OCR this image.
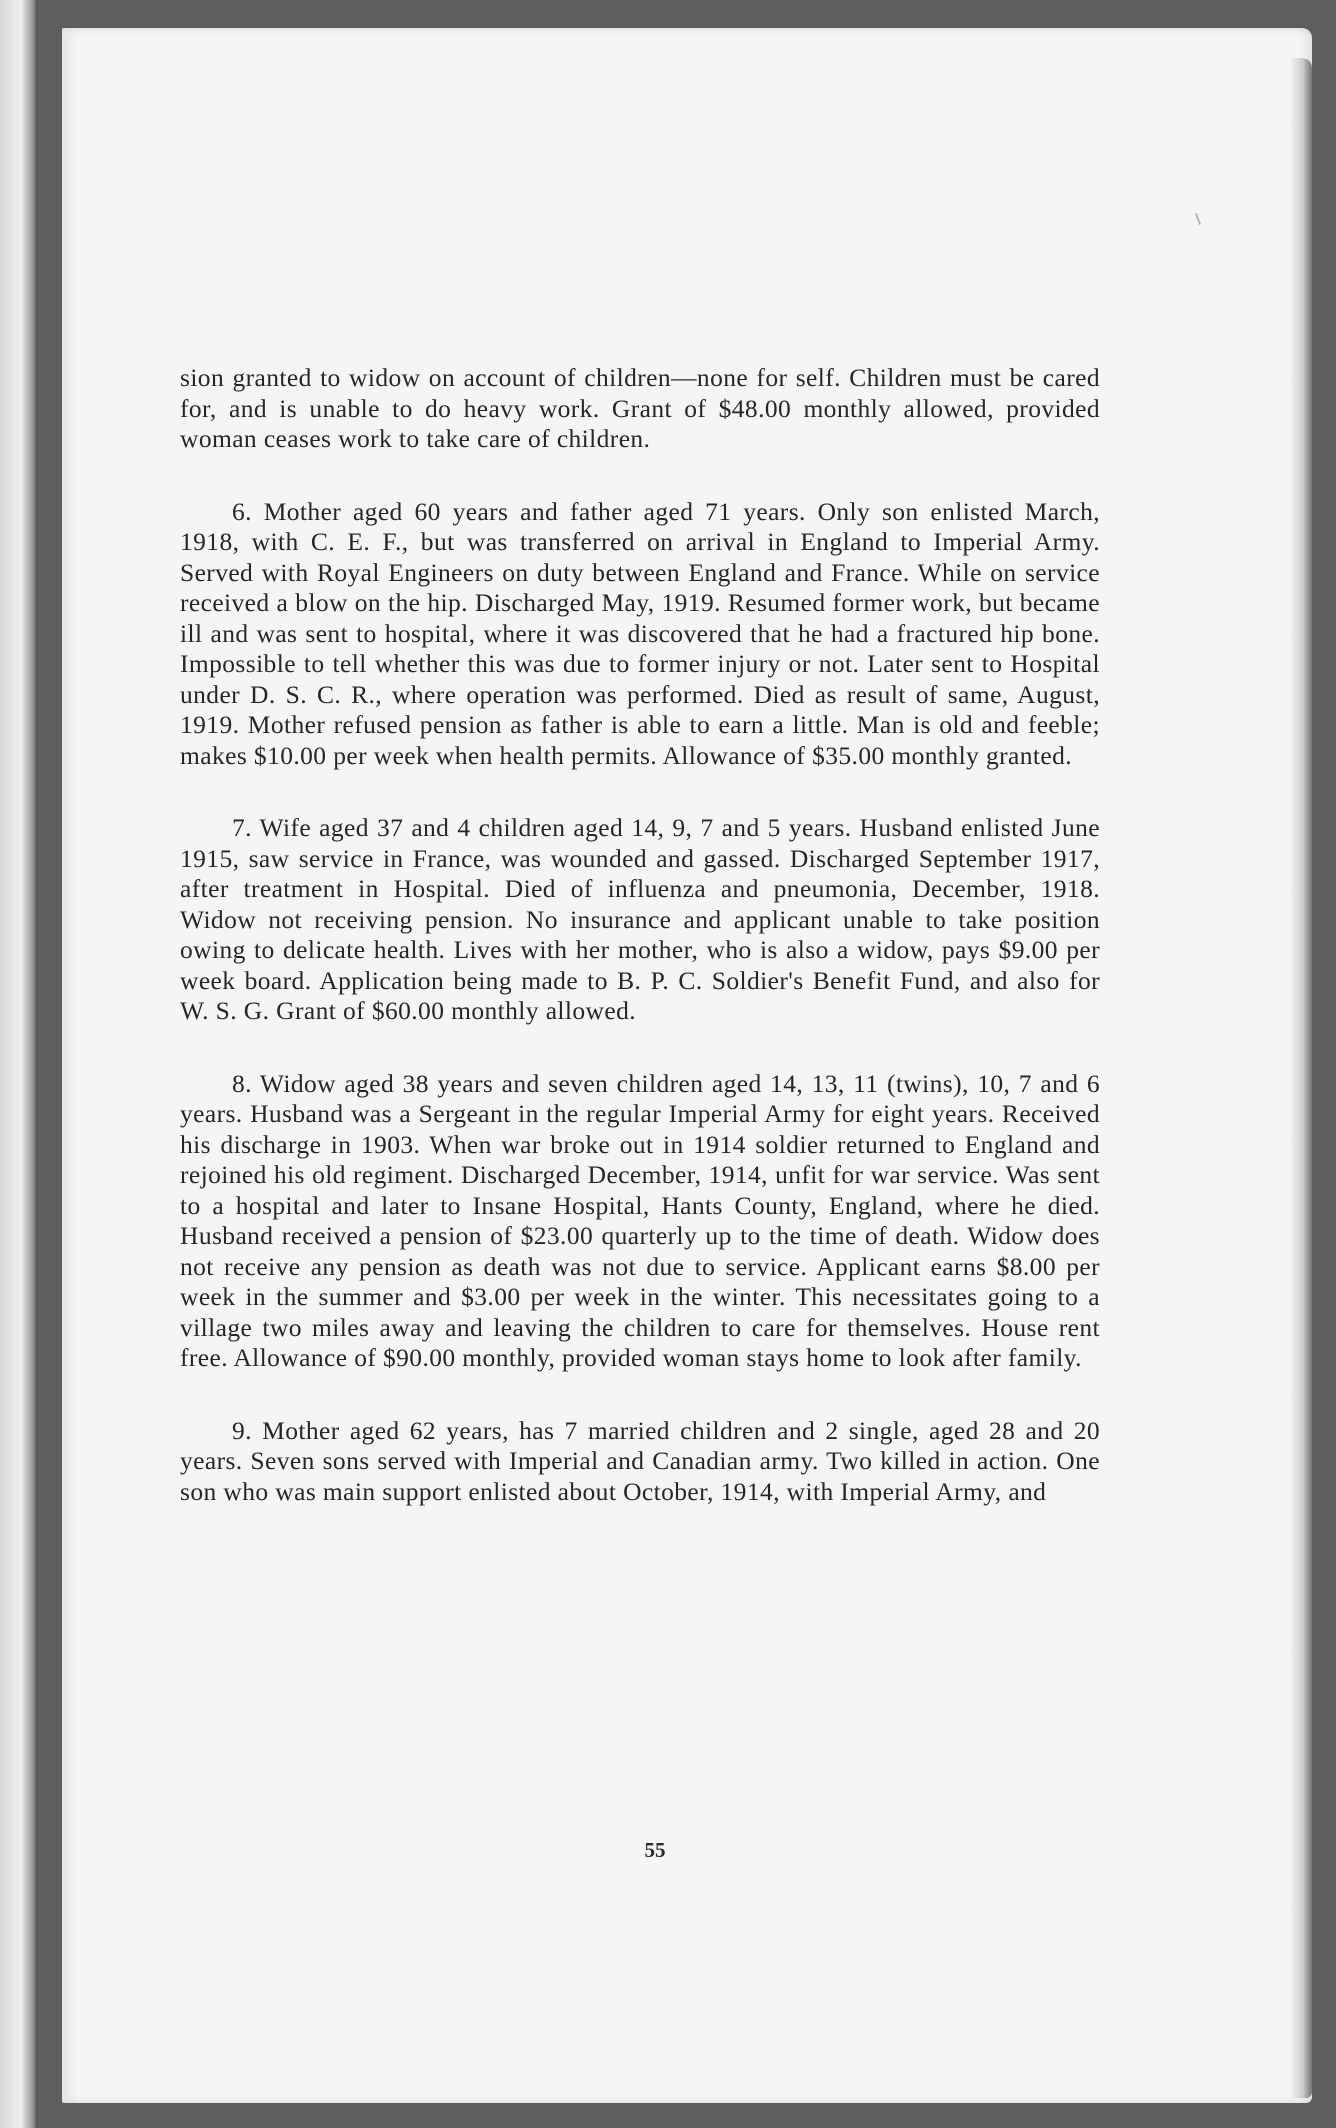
sion granted to widow on account of children—none for self. Children must be cared for, and is unable to do heavy work. Grant of $48.00 monthly allowed, provided woman ceases work to take care of children.

6. Mother aged 60 years and father aged 71 years. Only son enlisted March, 1918, with C. E. F., but was transferred on arrival in England to Imperial Army. Served with Royal Engineers on duty between England and France. While on service received a blow on the hip. Discharged May, 1919. Resumed former work, but became ill and was sent to hospital, where it was discovered that he had a fractured hip bone. Impossible to tell whether this was due to former injury or not. Later sent to Hospital under D. S. C. R., where operation was performed. Died as result of same, August, 1919. Mother refused pension as father is able to earn a little. Man is old and feeble; makes $10.00 per week when health permits. Allowance of $35.00 monthly granted.

7. Wife aged 37 and 4 children aged 14, 9, 7 and 5 years. Husband enlisted June 1915, saw service in France, was wounded and gassed. Discharged September 1917, after treatment in Hospital. Died of influenza and pneumonia, December, 1918. Widow not receiving pension. No insurance and applicant unable to take position owing to delicate health. Lives with her mother, who is also a widow, pays $9.00 per week board. Application being made to B. P. C. Soldier's Benefit Fund, and also for W. S. G. Grant of $60.00 monthly allowed.

8. Widow aged 38 years and seven children aged 14, 13, 11 (twins), 10, 7 and 6 years. Husband was a Sergeant in the regular Imperial Army for eight years. Received his discharge in 1903. When war broke out in 1914 soldier returned to England and rejoined his old regiment. Discharged December, 1914, unfit for war service. Was sent to a hospital and later to Insane Hospital, Hants County, England, where he died. Husband received a pension of $23.00 quarterly up to the time of death. Widow does not receive any pension as death was not due to service. Applicant earns $8.00 per week in the summer and $3.00 per week in the winter. This necessitates going to a village two miles away and leaving the children to care for themselves. House rent free. Allowance of $90.00 monthly, provided woman stays home to look after family.

9. Mother aged 62 years, has 7 married children and 2 single, aged 28 and 20 years. Seven sons served with Imperial and Canadian army. Two killed in action. One son who was main support enlisted about October, 1914, with Imperial Army, and

55
